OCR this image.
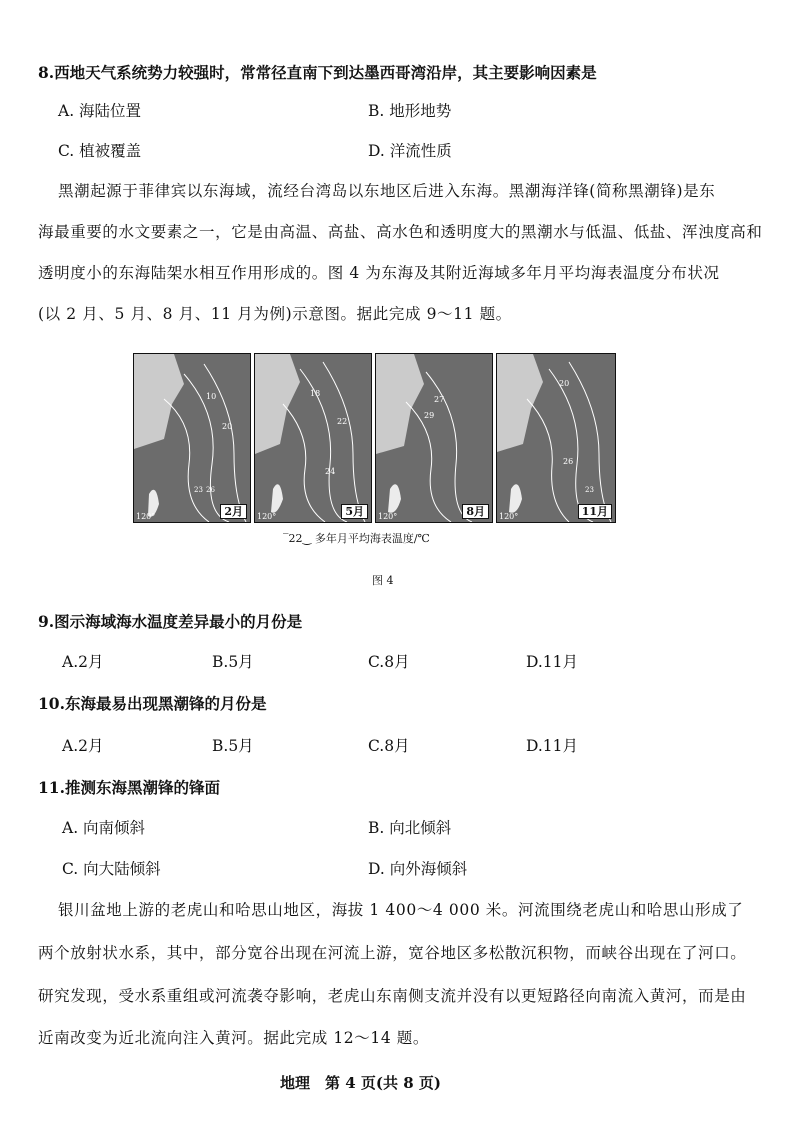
8.西地天气系统势力较强时，常常径直南下到达墨西哥湾沿岸，其主要影响因素是
A. 海陆位置	B. 地形地势
C. 植被覆盖	D. 洋流性质
黑潮起源于菲律宾以东海域，流经台湾岛以东地区后进入东海。黑潮海洋锋(简称黑潮锋)是东
海最重要的水文要素之一，它是由高温、高盐、高水色和透明度大的黑潮水与低温、低盐、浑浊度高和
透明度小的东海陆架水相互作用形成的。图 4 为东海及其附近海域多年月平均海表温度分布状况
(以 2 月、5 月、8 月、11 月为例)示意图。据此完成 9～11 题。
10
20
23 26
120°	2月
18
22
24
120°	5月
27
29
120°	8月
20
26
23
120°	11月
‾22‿ 多年月平均海表温度/℃
图 4
9.图示海域海水温度差异最小的月份是
A.2月	B.5月	C.8月	D.11月
10.东海最易出现黑潮锋的月份是
A.2月	B.5月	C.8月	D.11月
11.推测东海黑潮锋的锋面
A. 向南倾斜	B. 向北倾斜
C. 向大陆倾斜	D. 向外海倾斜
银川盆地上游的老虎山和哈思山地区，海拔 1 400～4 000 米。河流围绕老虎山和哈思山形成了
两个放射状水系，其中，部分宽谷出现在河流上游，宽谷地区多松散沉积物，而峡谷出现在了河口。
研究发现，受水系重组或河流袭夺影响，老虎山东南侧支流并没有以更短路径向南流入黄河，而是由
近南改变为近北流向注入黄河。据此完成 12～14 题。
地理　第 4 页(共 8 页)
